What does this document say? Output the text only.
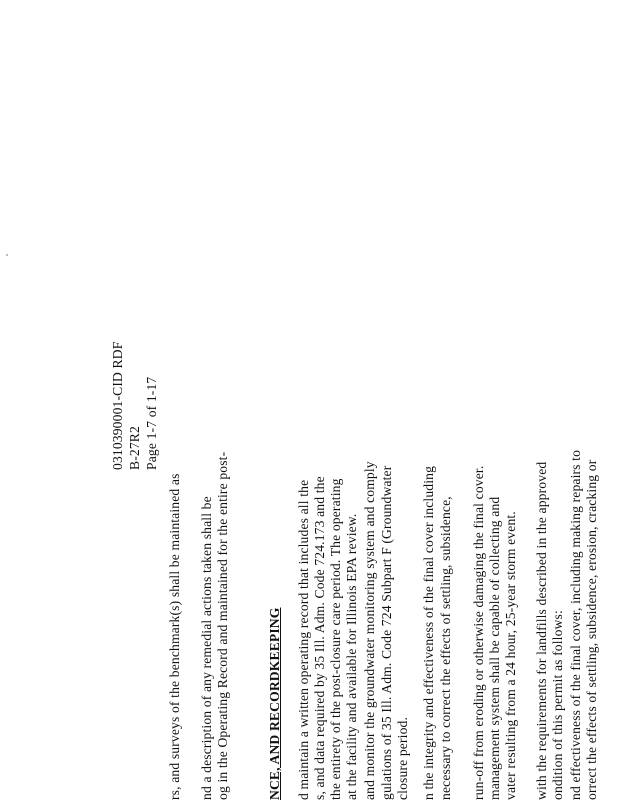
0310390001-CID RDF B-27R2 Page 1-7 of 1-17
rs, and surveys of the benchmark(s) shall be maintained as nd a description of any remedial actions taken shall be og in the Operating Record and maintained for the entire post-	NCE, AND RECORDKEEPING d maintain a written operating record that includes all the s, and data required by 35 Ill. Adm. Code 724.173 and the the entirety of the post-closure care period. The operating at the facility and available for Illinois EPA review. and monitor the groundwater monitoring system and comply gulations of 35 Ill. Adm. Code 724 Subpart F (Groundwater closure period. n the integrity and effectiveness of the final cover including necessary to correct the effects of settling, subsidence, run-off from eroding or otherwise damaging the final cover. management system shall be capable of collecting and vater resulting from a 24 hour, 25-year storm event. with the requirements for landfills described in the approved ondition of this permit as follows: nd effectiveness of the final cover, including making repairs to orrect the effects of settling, subsidence, erosion, cracking or
